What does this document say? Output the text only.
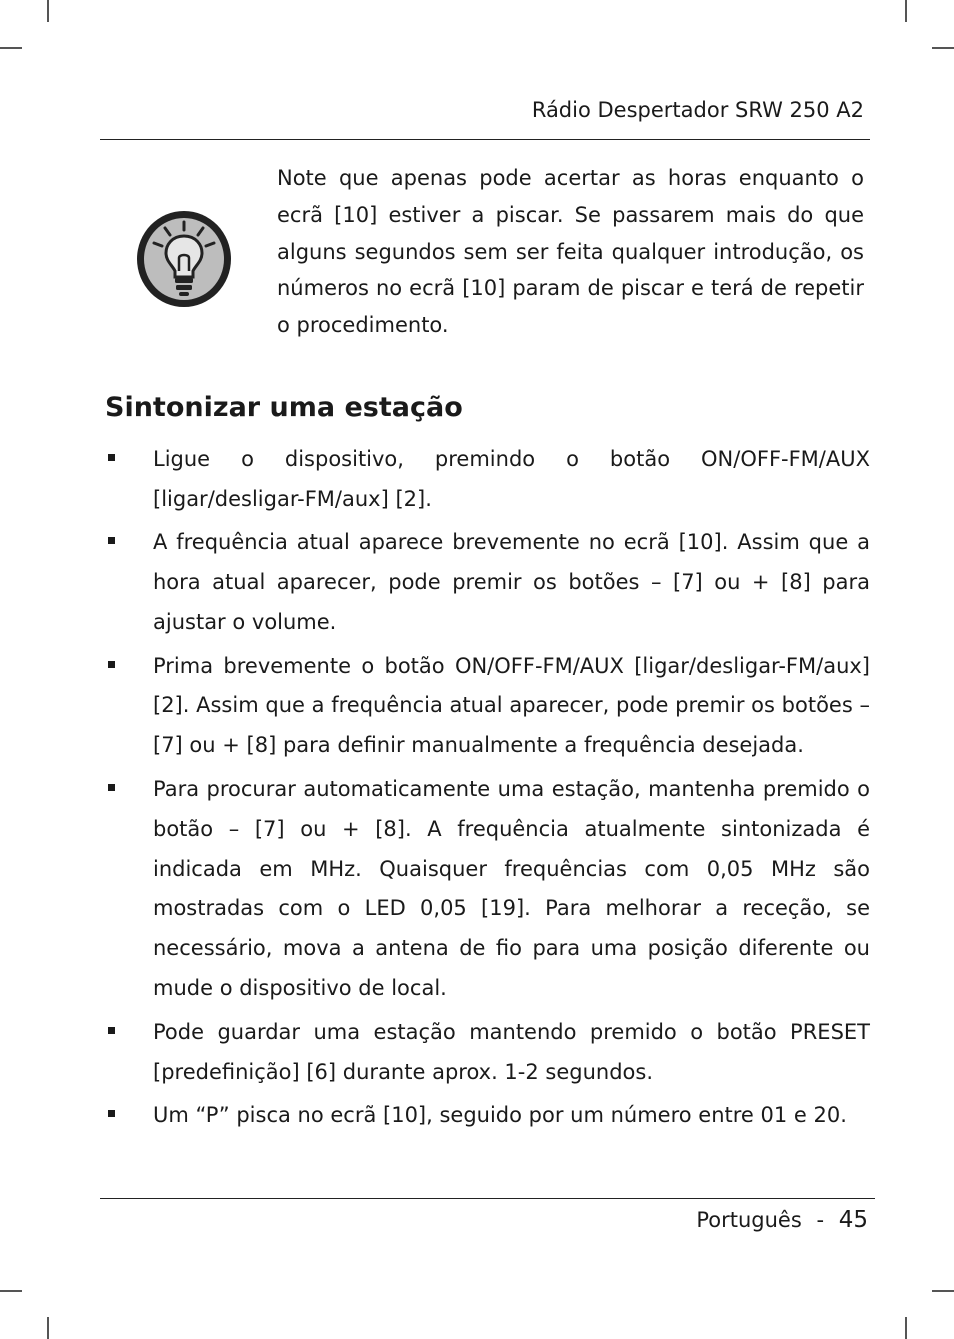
Rádio Despertador SRW 250 A2

Note que apenas pode acertar as horas enquanto o ecrã [10] estiver a piscar. Se passarem mais do que alguns segundos sem ser feita qualquer introdução, os números no ecrã [10] param de piscar e terá de repetir o procedimento.

Sintonizar uma estação
Ligue o dispositivo, premindo o botão ON/OFF-FM/AUX [ligar/desligar-FM/aux] [2].
A frequência atual aparece brevemente no ecrã [10]. Assim que a hora atual aparecer, pode premir os botões – [7] ou + [8] para ajustar o volume.
Prima brevemente o botão ON/OFF-FM/AUX [ligar/desligar-FM/aux] [2]. Assim que a frequência atual aparecer, pode premir os botões – [7] ou + [8] para definir manualmente a frequência desejada.
Para procurar automaticamente uma estação, mantenha premido o botão – [7] ou + [8]. A frequência atualmente sintonizada é indicada em MHz. Quaisquer frequências com 0,05 MHz são mostradas com o LED 0,05 [19]. Para melhorar a receção, se necessário, mova a antena de fio para uma posição diferente ou mude o dispositivo de local.
Pode guardar uma estação mantendo premido o botão PRESET [predefinição] [6] durante aprox. 1-2 segundos.
Um “P” pisca no ecrã [10], seguido por um número entre 01 e 20.
Português - 45
